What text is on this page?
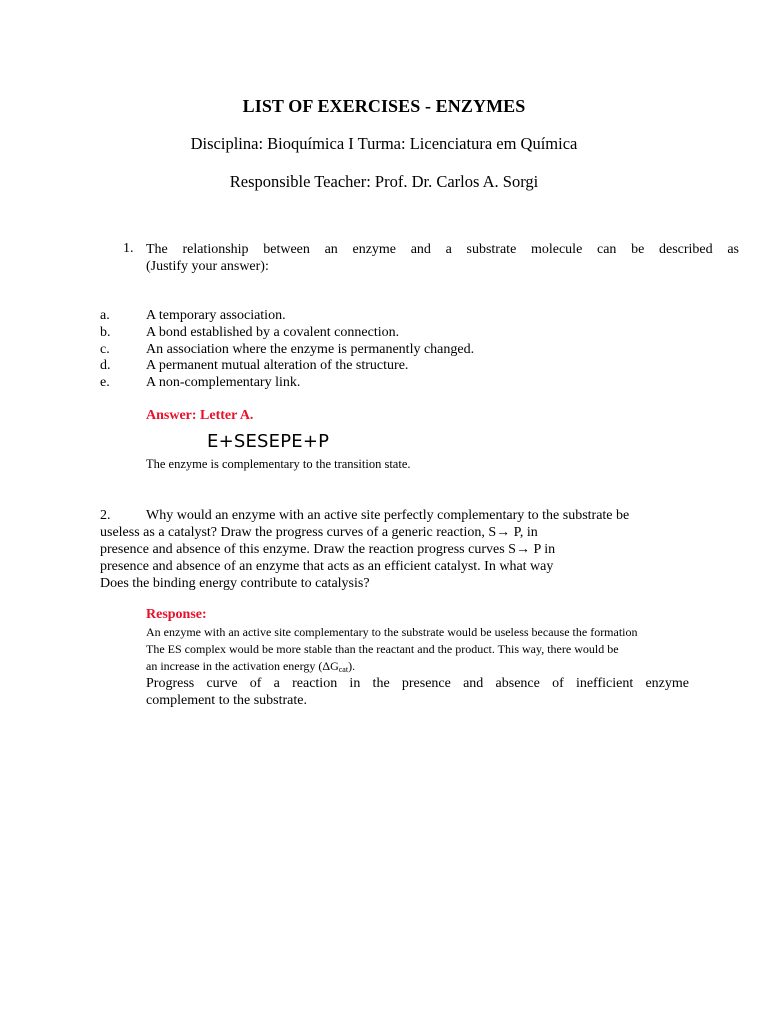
LIST OF EXERCISES - ENZYMES
Disciplina: Bioquímica I Turma: Licenciatura em Química
Responsible Teacher: Prof. Dr. Carlos A. Sorgi
1. The relationship between an enzyme and a substrate molecule can be described as
(Justify your answer):
a.	A temporary association.
b.	A bond established by a covalent connection.
c.	An association where the enzyme is permanently changed.
d.	A permanent mutual alteration of the structure.
e.	A non-complementary link.
Answer: Letter A.
E+SESEPE+P
The enzyme is complementary to the transition state.
2.	Why would an enzyme with an active site perfectly complementary to the substrate be
useless as a catalyst? Draw the progress curves of a generic reaction, S→ P, in
presence and absence of this enzyme. Draw the reaction progress curves S→ P in
presence and absence of an enzyme that acts as an efficient catalyst. In what way
Does the binding energy contribute to catalysis?
Response:
An enzyme with an active site complementary to the substrate would be useless because the formation
The ES complex would be more stable than the reactant and the product. This way, there would be
an increase in the activation energy (ΔGcat).
Progress curve of a reaction in the presence and absence of inefficient enzyme
complement to the substrate.
